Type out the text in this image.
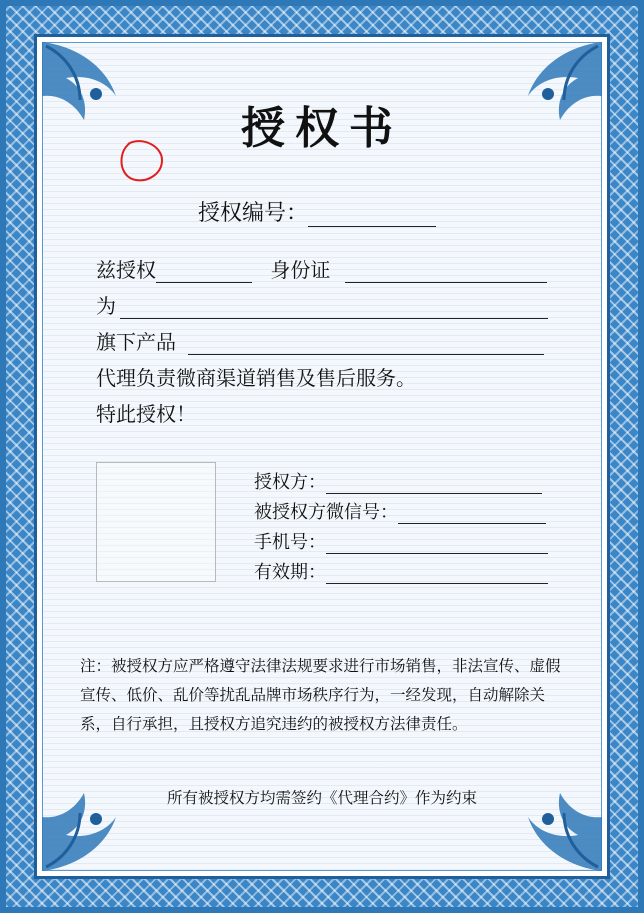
授权书
授权编号：
兹授权	身份证
为
旗下产品
代理负责微商渠道销售及售后服务。
特此授权！
授权方：
被授权方微信号：
手机号：
有效期：
注：被授权方应严格遵守法律法规要求进行市场销售，非法宣传、虚假宣传、低价、乱价等扰乱品牌市场秩序行为，一经发现，自动解除关系，自行承担，且授权方追究违约的被授权方法律责任。
所有被授权方均需签约《代理合约》作为约束
